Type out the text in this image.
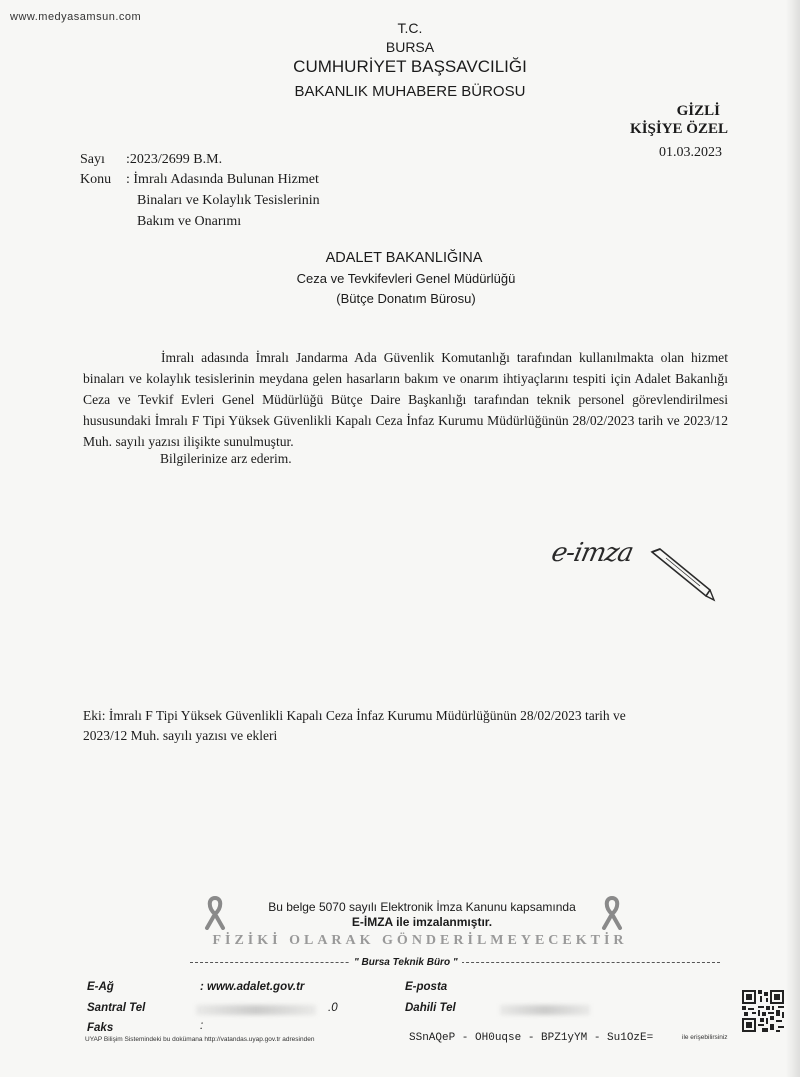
www.medyasamsun.com
T.C.
BURSA
CUMHURİYET BAŞSAVCILIĞI
BAKANLIK MUHABERE BÜROSU
GİZLİ
KİŞİYE ÖZEL
01.03.2023
Sayı :2023/2699 B.M.
Konu : İmralı Adasında Bulunan Hizmet
Binaları ve Kolaylık Tesislerinin
Bakım ve Onarımı
ADALET BAKANLIĞINA
Ceza ve Tevkifevleri Genel Müdürlüğü
(Bütçe Donatım Bürosu)

İmralı adasında İmralı Jandarma Ada Güvenlik Komutanlığı tarafından kullanılmakta olan hizmet binaları ve kolaylık tesislerinin meydana gelen hasarların bakım ve onarım ihtiyaçlarını tespiti için Adalet Bakanlığı Ceza ve Tevkif Evleri Genel Müdürlüğü Bütçe Daire Başkanlığı tarafından teknik personel görevlendirilmesi hususundaki İmralı F Tipi Yüksek Güvenlikli Kapalı Ceza İnfaz Kurumu Müdürlüğünün 28/02/2023 tarih ve 2023/12 Muh. sayılı yazısı ilişikte sunulmuştur.

Bilgilerinize arz ederim.
e-imza
Eki: İmralı F Tipi Yüksek Güvenlikli Kapalı Ceza İnfaz Kurumu Müdürlüğünün 28/02/2023 tarih ve
2023/12 Muh. sayılı yazısı ve ekleri
Bu belge 5070 sayılı Elektronik İmza Kanunu kapsamında
E-İMZA ile imzalanmıştır.
FİZİKİ OLARAK GÖNDERİLMEYECEKTİR
" Bursa Teknik Büro "
E-Ağ	: www.adalet.gov.tr	E-posta
Santral Tel	.0	Dahili Tel
Faks	:
UYAP Bilişim Sistemindeki bu dokümana http://vatandas.uyap.gov.tr adresinden	SSnAQeP - OH0uqse - BPZ1yYM - Su1OzE=	ile erişebilirsiniz
